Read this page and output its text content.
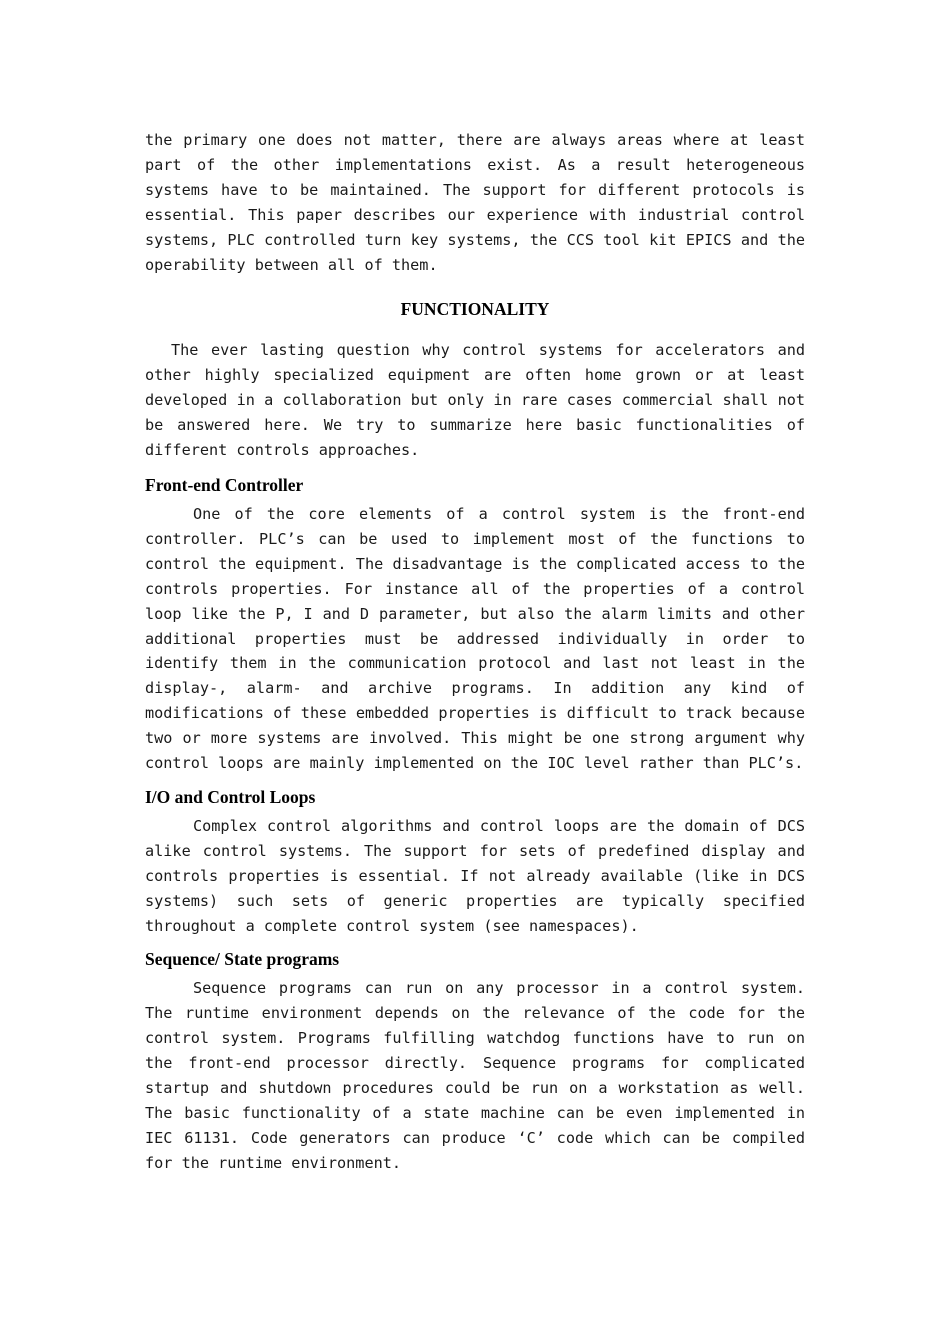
the primary one does not matter, there are always areas where at least part of the other implementations exist. As a result heterogeneous systems have to be maintained. The support for different protocols is essential. This paper describes our experience with industrial control systems, PLC controlled turn key systems, the CCS tool kit EPICS and the operability between all of them.

FUNCTIONALITY

The ever lasting question why control systems for accelerators and other highly specialized equipment are often home grown or at least developed in a collaboration but only in rare cases commercial shall not be answered here. We try to summarize here basic functionalities of different controls approaches.

Front-end Controller

One of the core elements of a control system is the front-end controller. PLC’s can be used to implement most of the functions to control the equipment. The disadvantage is the complicated access to the controls properties. For instance all of the properties of a control loop like the P, I and D parameter, but also the alarm limits and other additional properties must be addressed individually in order to identify them in the communication protocol and last not least in the display-, alarm- and archive programs. In addition any kind of modifications of these embedded properties is difficult to track because two or more systems are involved. This might be one strong argument why control loops are mainly implemented on the IOC level rather than PLC’s.

I/O and Control Loops

Complex control algorithms and control loops are the domain of DCS alike control systems. The support for sets of predefined display and controls properties is essential. If not already available (like in DCS systems) such sets of generic properties are typically specified throughout a complete control system (see namespaces).

Sequence/ State programs

Sequence programs can run on any processor in a control system. The runtime environment depends on the relevance of the code for the control system. Programs fulfilling watchdog functions have to run on the front-end processor directly. Sequence programs for complicated startup and shutdown procedures could be run on a workstation as well. The basic functionality of a state machine can be even implemented in IEC 61131. Code generators can produce ‘C’ code which can be compiled for the runtime environment.
